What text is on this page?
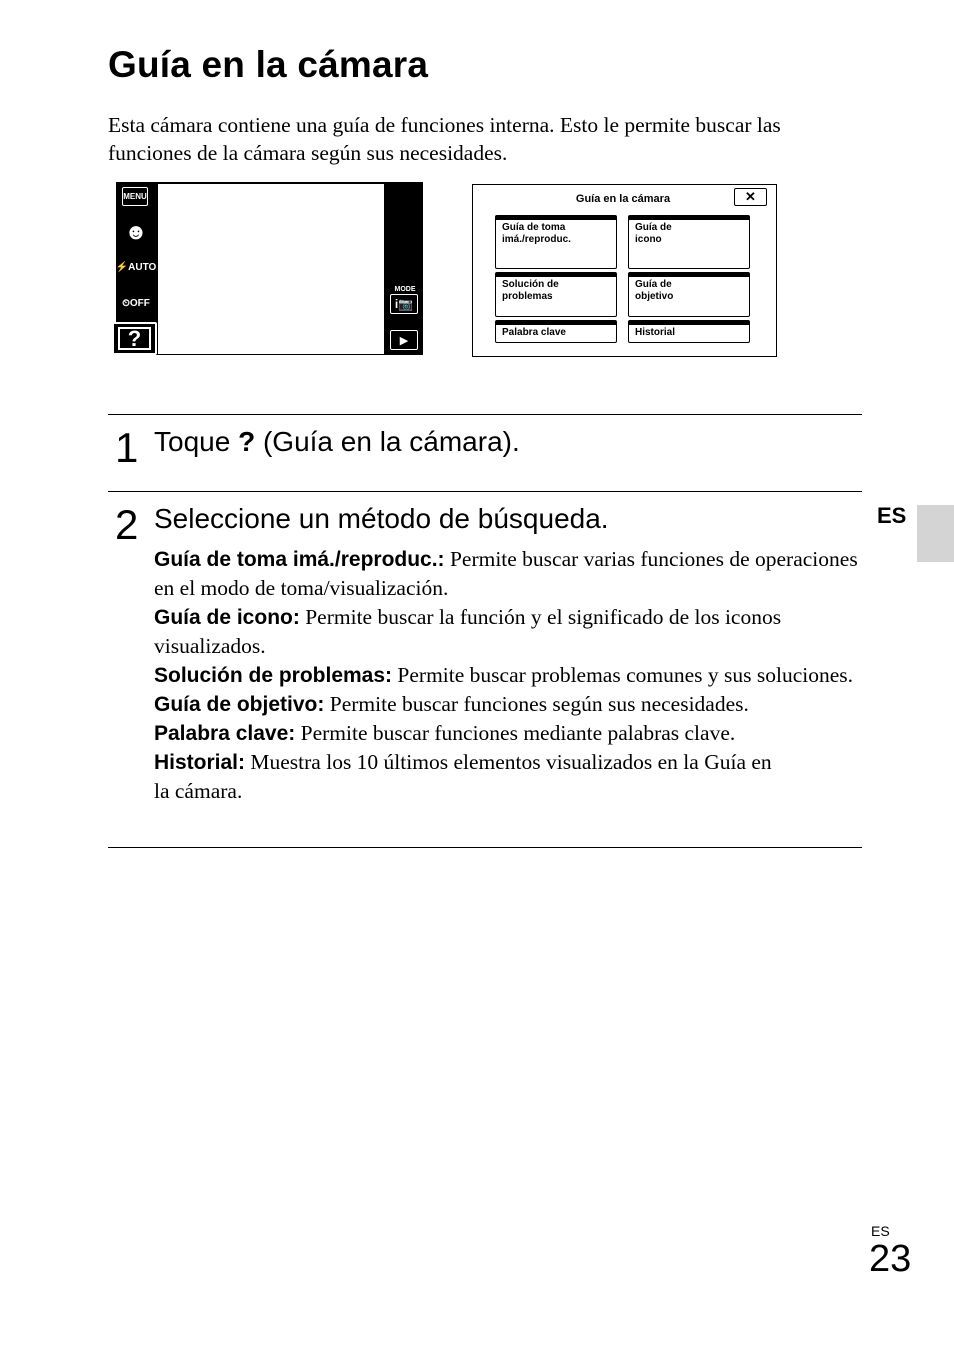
Guía en la cámara
Esta cámara contiene una guía de funciones interna. Esto le permite buscar las funciones de la cámara según sus necesidades.
MENU
☻
⚡AUTO
⏲OFF
?
MODE
i📷
▶
Guía en la cámara	✕
Guía de toma
imá./reproduc.
Guía de
icono
Solución de
problemas
Guía de
objetivo
Palabra clave	Historial
1 Toque ? (Guía en la cámara).
2 Seleccione un método de búsqueda.
Guía de toma imá./reproduc.: Permite buscar varias funciones de operaciones en el modo de toma/visualización.
Guía de icono: Permite buscar la función y el significado de los iconos visualizados.
Solución de problemas: Permite buscar problemas comunes y sus soluciones.
Guía de objetivo: Permite buscar funciones según sus necesidades.
Palabra clave: Permite buscar funciones mediante palabras clave.
Historial: Muestra los 10 últimos elementos visualizados en la Guía en la cámara.
ES
ES
23
